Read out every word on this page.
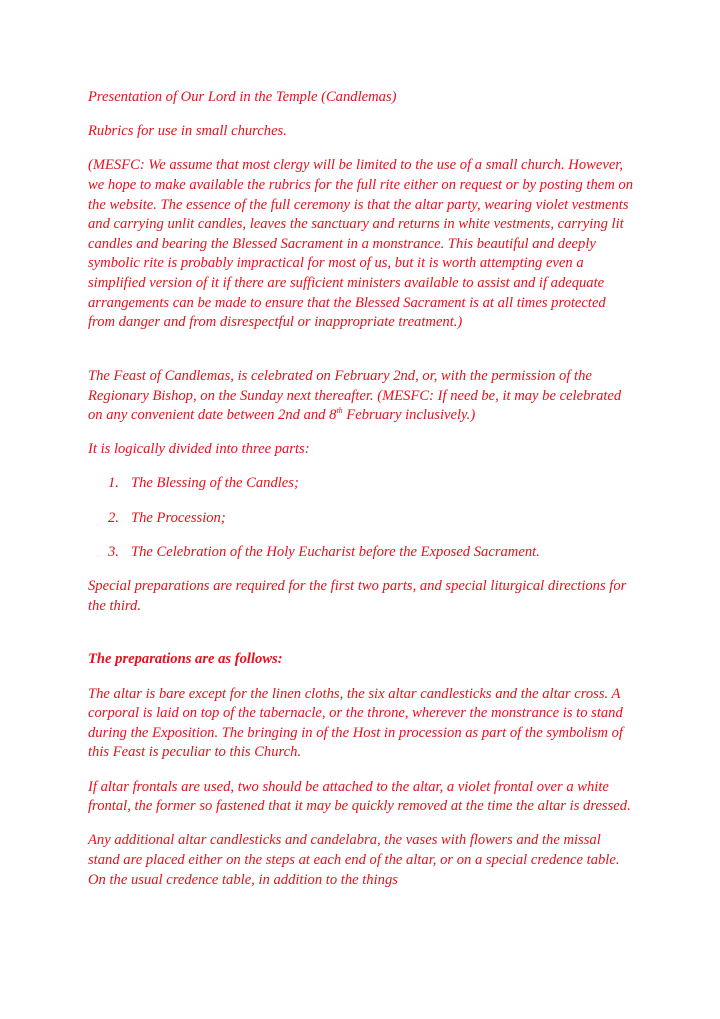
Presentation of Our Lord in the Temple (Candlemas)

Rubrics for use in small churches.

(MESFC: We assume that most clergy will be limited to the use of a small church. However, we hope to make available the rubrics for the full rite either on request or by posting them on the website. The essence of the full ceremony is that the altar party, wearing violet vestments and carrying unlit candles, leaves the sanctuary and returns in white vestments, carrying lit candles and bearing the Blessed Sacrament in a monstrance. This beautiful and deeply symbolic rite is probably impractical for most of us, but it is worth attempting even a simplified version of it if there are sufficient ministers available to assist and if adequate arrangements can be made to ensure that the Blessed Sacrament is at all times protected from danger and from disrespectful or inappropriate treatment.)

The Feast of Candlemas, is celebrated on February 2nd, or, with the permission of the Regionary Bishop, on the Sunday next thereafter. (MESFC: If need be, it may be celebrated on any convenient date between 2nd and 8th February inclusively.)

It is logically divided into three parts:

1. The Blessing of the Candles;
2. The Procession;
3. The Celebration of the Holy Eucharist before the Exposed Sacrament.

Special preparations are required for the first two parts, and special liturgical directions for the third.

The preparations are as follows:

The altar is bare except for the linen cloths, the six altar candlesticks and the altar cross. A corporal is laid on top of the tabernacle, or the throne, wherever the monstrance is to stand during the Exposition. The bringing in of the Host in procession as part of the symbolism of this Feast is peculiar to this Church.

If altar frontals are used, two should be attached to the altar, a violet frontal over a white frontal, the former so fastened that it may be quickly removed at the time the altar is dressed.

Any additional altar candlesticks and candelabra, the vases with flowers and the missal stand are placed either on the steps at each end of the altar, or on a special credence table. On the usual credence table, in addition to the things
